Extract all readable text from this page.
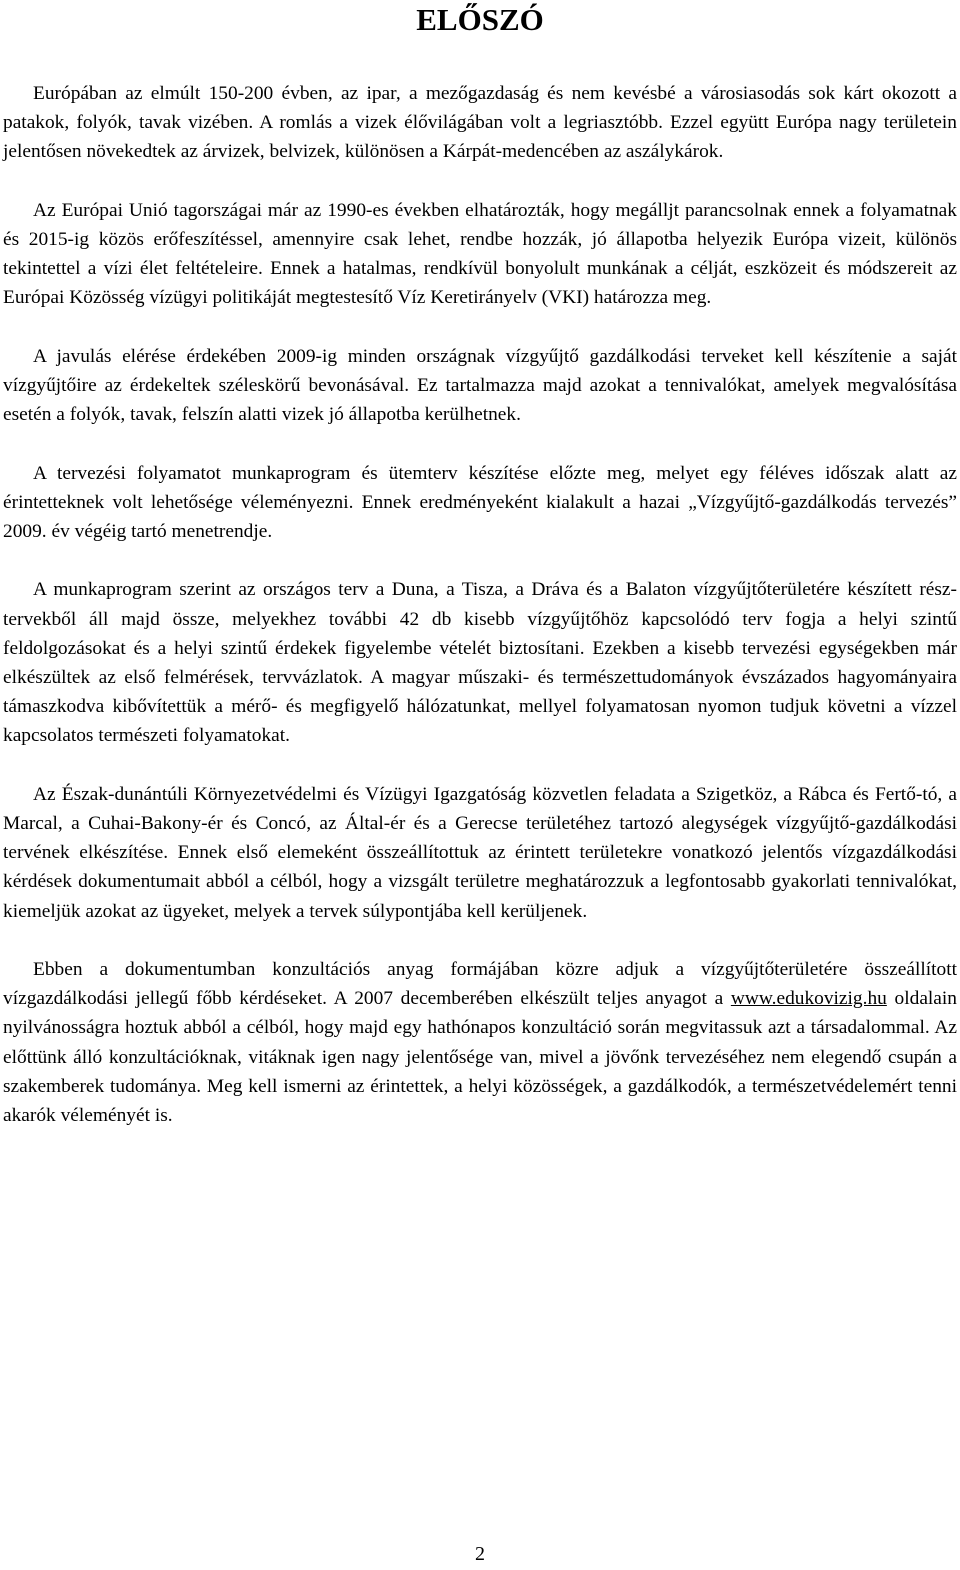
ELŐSZÓ

Európában az elmúlt 150-200 évben, az ipar, a mezőgazdaság és nem kevésbé a városiasodás sok kárt okozott a patakok, folyók, tavak vizében. A romlás a vizek élővilágában volt a legriasztóbb. Ezzel együtt Európa nagy területein jelentősen növekedtek az árvizek, belvizek, különösen a Kárpát-medencében az aszálykárok.

Az Európai Unió tagországai már az 1990-es években elhatározták, hogy megálljt parancsolnak ennek a folyamatnak és 2015-ig közös erőfeszítéssel, amennyire csak lehet, rendbe hozzák, jó állapotba helyezik Európa vizeit, különös tekintettel a vízi élet feltételeire. Ennek a hatalmas, rendkívül bonyolult munkának a célját, eszközeit és módszereit az Európai Közösség vízügyi politikáját megtestesítő Víz Keretirányelv (VKI) határozza meg.

A javulás elérése érdekében 2009-ig minden országnak vízgyűjtő gazdálkodási terveket kell készítenie a saját vízgyűjtőire az érdekeltek széleskörű bevonásával. Ez tartalmazza majd azokat a tennivalókat, amelyek megvalósítása esetén a folyók, tavak, felszín alatti vizek jó állapotba kerülhetnek.

A tervezési folyamatot munkaprogram és ütemterv készítése előzte meg, melyet egy féléves időszak alatt az érintetteknek volt lehetősége véleményezni. Ennek eredményeként kialakult a hazai „Vízgyűjtő-gazdálkodás tervezés” 2009. év végéig tartó menetrendje.

A munkaprogram szerint az országos terv a Duna, a Tisza, a Dráva és a Balaton vízgyűjtőterületére készített rész-tervekből áll majd össze, melyekhez további 42 db kisebb vízgyűjtőhöz kapcsolódó terv fogja a helyi szintű feldolgozásokat és a helyi szintű érdekek figyelembe vételét biztosítani. Ezekben a kisebb tervezési egységekben már elkészültek az első felmérések, tervvázlatok. A magyar műszaki- és természettudományok évszázados hagyományaira támaszkodva kibővítettük a mérő- és megfigyelő hálózatunkat, mellyel folyamatosan nyomon tudjuk követni a vízzel kapcsolatos természeti folyamatokat.

Az Észak-dunántúli Környezetvédelmi és Vízügyi Igazgatóság közvetlen feladata a Szigetköz, a Rábca és Fertő-tó, a Marcal, a Cuhai-Bakony-ér és Concó, az Által-ér és a Gerecse területéhez tartozó alegységek vízgyűjtő-gazdálkodási tervének elkészítése. Ennek első elemeként összeállítottuk az érintett területekre vonatkozó jelentős vízgazdálkodási kérdések dokumentumait abból a célból, hogy a vizsgált területre meghatározzuk a legfontosabb gyakorlati tennivalókat, kiemeljük azokat az ügyeket, melyek a tervek súlypontjába kell kerüljenek.

Ebben a dokumentumban konzultációs anyag formájában közre adjuk a vízgyűjtőterületére összeállított vízgazdálkodási jellegű főbb kérdéseket. A 2007 decemberében elkészült teljes anyagot a www.edukovizig.hu oldalain nyilvánosságra hoztuk abból a célból, hogy majd egy hathónapos konzultáció során megvitassuk azt a társadalommal. Az előttünk álló konzultációknak, vitáknak igen nagy jelentősége van, mivel a jövőnk tervezéséhez nem elegendő csupán a szakemberek tudománya. Meg kell ismerni az érintettek, a helyi közösségek, a gazdálkodók, a természetvédelemért tenni akarók véleményét is.

2
